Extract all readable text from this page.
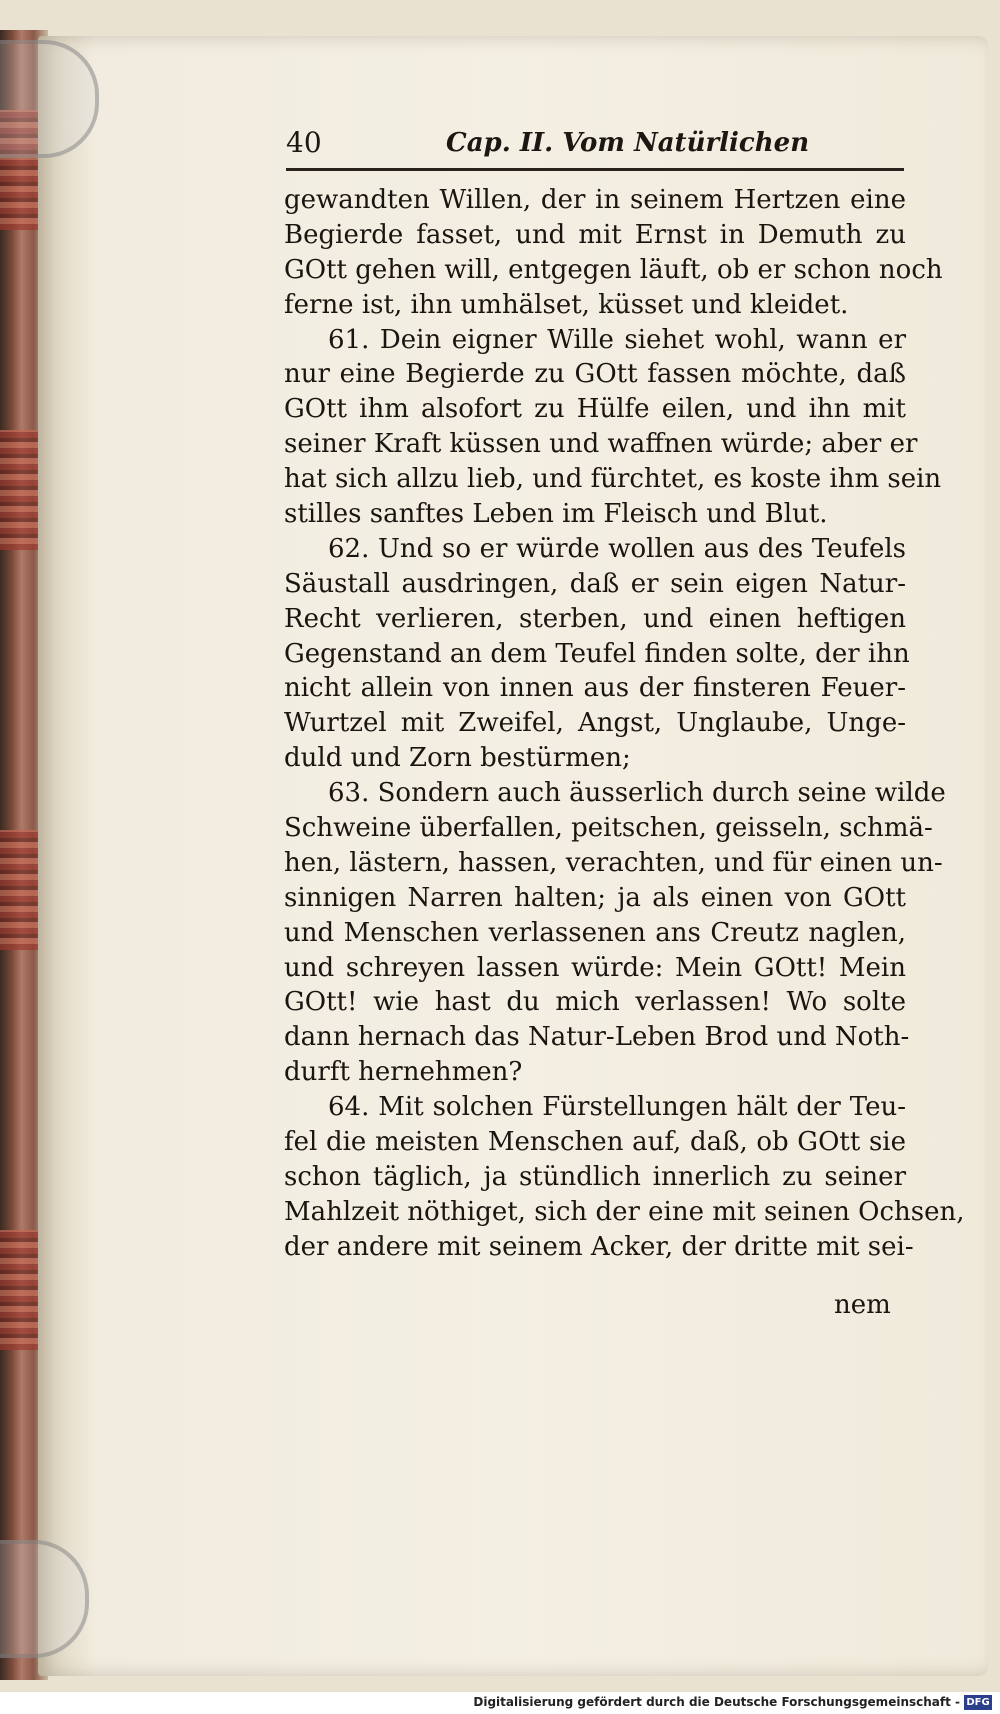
40	Cap. II. Vom Natürlichen
gewandten Willen, der in seinem Hertzen eine
Begierde fasset, und mit Ernst in Demuth zu
GOtt gehen will, entgegen läuft, ob er schon noch
ferne ist, ihn umhälset, küsset und kleidet.
61. Dein eigner Wille siehet wohl, wann er
nur eine Begierde zu GOtt fassen möchte, daß
GOtt ihm alsofort zu Hülfe eilen, und ihn mit
seiner Kraft küssen und waffnen würde; aber er
hat sich allzu lieb, und fürchtet, es koste ihm sein
stilles sanftes Leben im Fleisch und Blut.
62. Und so er würde wollen aus des Teufels
Säustall ausdringen, daß er sein eigen Natur-
Recht verlieren, sterben, und einen heftigen
Gegenstand an dem Teufel finden solte, der ihn
nicht allein von innen aus der finsteren Feuer-
Wurtzel mit Zweifel, Angst, Unglaube, Unge-
duld und Zorn bestürmen;
63. Sondern auch äusserlich durch seine wilde
Schweine überfallen, peitschen, geisseln, schmä-
hen, lästern, hassen, verachten, und für einen un-
sinnigen Narren halten; ja als einen von GOtt
und Menschen verlassenen ans Creutz naglen,
und schreyen lassen würde: Mein GOtt! Mein
GOtt! wie hast du mich verlassen! Wo solte
dann hernach das Natur-Leben Brod und Noth-
durft hernehmen?
64. Mit solchen Fürstellungen hält der Teu-
fel die meisten Menschen auf, daß, ob GOtt sie
schon täglich, ja stündlich innerlich zu seiner
Mahlzeit nöthiget, sich der eine mit seinen Ochsen,
der andere mit seinem Acker, der dritte mit sei-
nem
Digitalisierung gefördert durch die Deutsche Forschungsgemeinschaft - DFG
